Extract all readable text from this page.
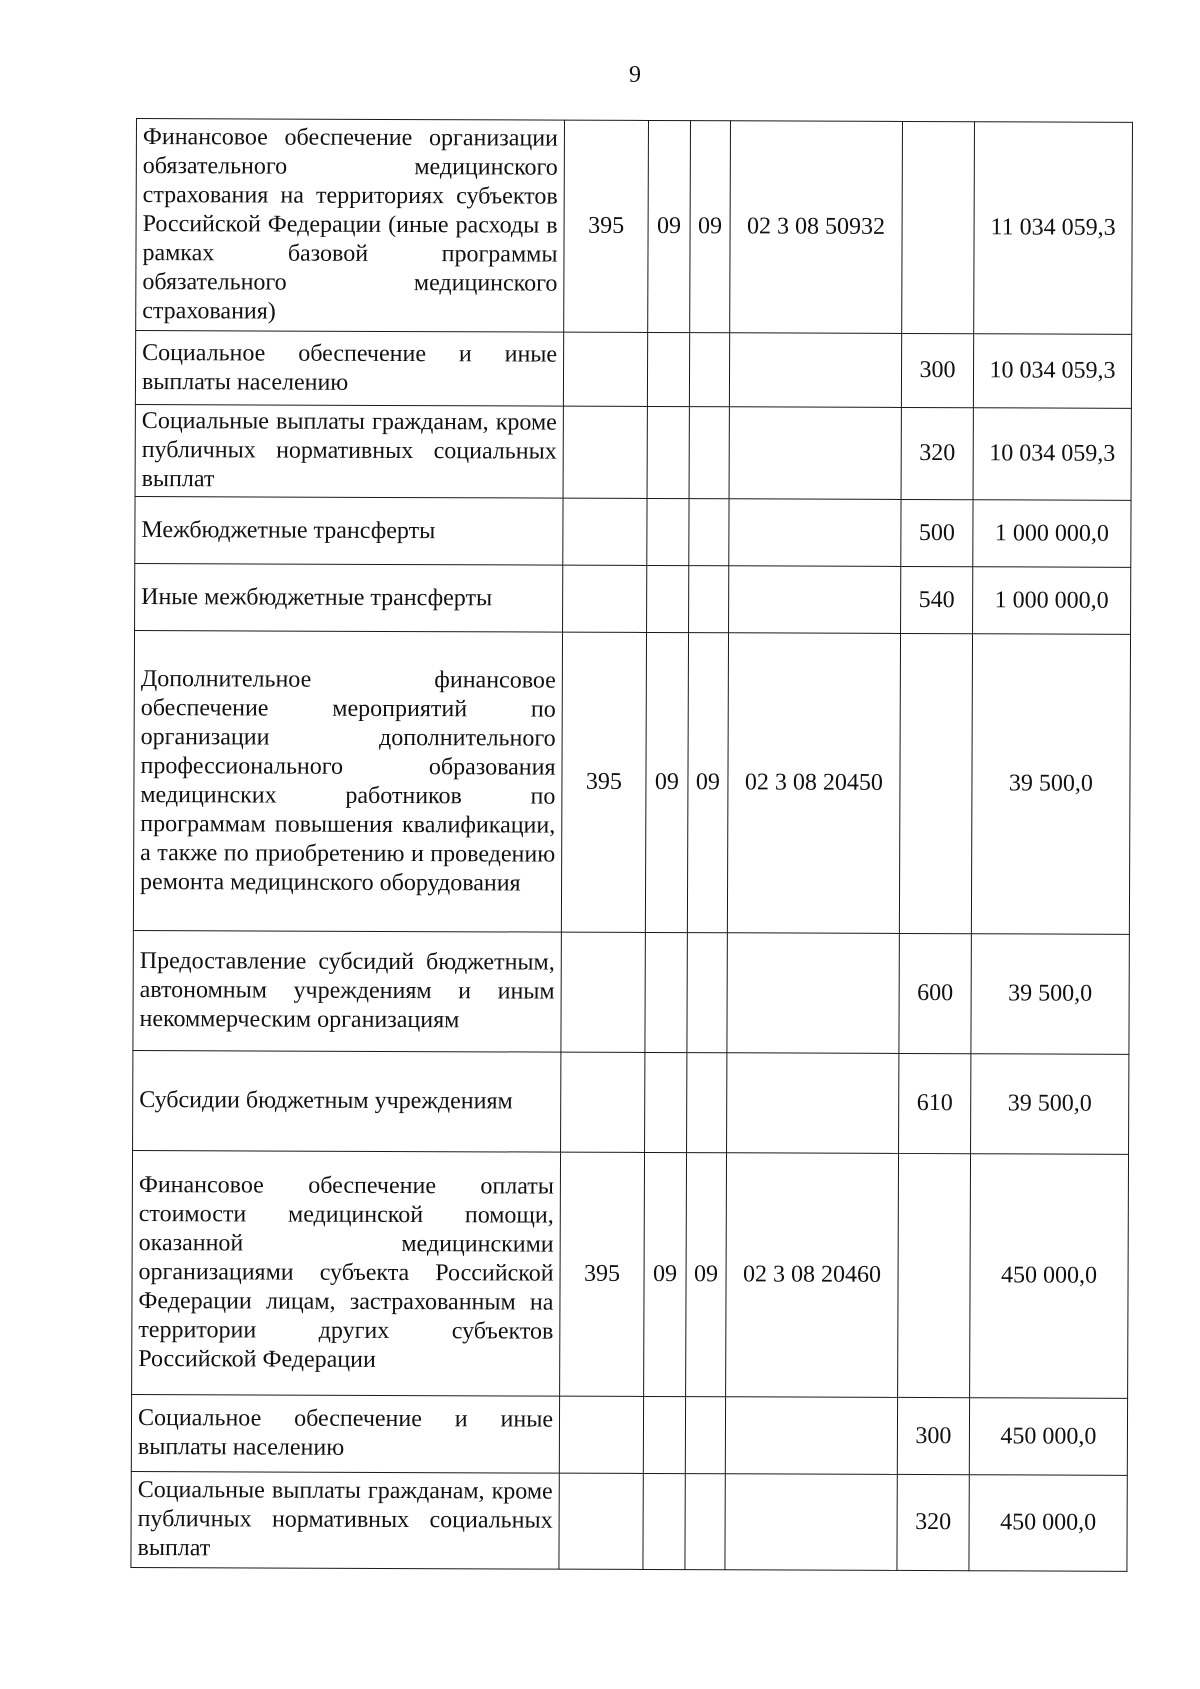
9
Финансовое обеспечение организации обязательного медицинского страхования на территориях субъектов Российской Федерации (иные расходы в рамках базовой программы обязательного медицинского страхования)	395	09	09	02 3 08 50932		11 034 059,3
Социальное обеспечение и иные выплаты населению					300	10 034 059,3
Социальные выплаты гражданам, кроме публичных нормативных социальных выплат					320	10 034 059,3
Межбюджетные трансферты					500	1 000 000,0
Иные межбюджетные трансферты					540	1 000 000,0
Дополнительное финансовое обеспечение мероприятий по организации дополнительного профессионального образования медицинских работников по программам повышения квалификации, а также по приобретению и проведению ремонта медицинского оборудования	395	09	09	02 3 08 20450		39 500,0
Предоставление субсидий бюджетным, автономным учреждениям и иным некоммерческим организациям					600	39 500,0
Субсидии бюджетным учреждениям					610	39 500,0
Финансовое обеспечение оплаты стоимости медицинской помощи, оказанной медицинскими организациями субъекта Российской Федерации лицам, застрахованным на территории других субъектов Российской Федерации	395	09	09	02 3 08 20460		450 000,0
Социальное обеспечение и иные выплаты населению					300	450 000,0
Социальные выплаты гражданам, кроме публичных нормативных социальных выплат					320	450 000,0
